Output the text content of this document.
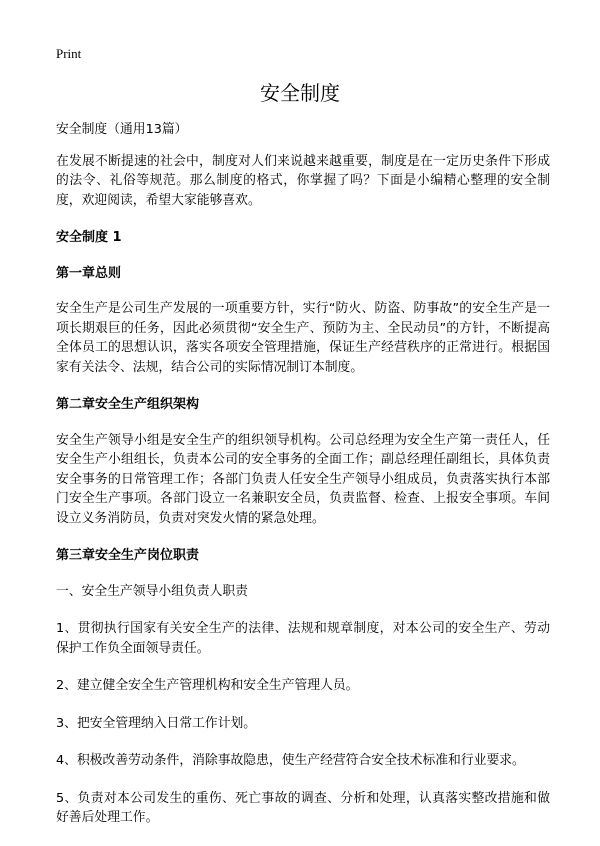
Print
安全制度

安全制度（通用13篇）

在发展不断提速的社会中，制度对人们来说越来越重要，制度是在一定历史条件下形成的法令、礼俗等规范。那么制度的格式，你掌握了吗？下面是小编精心整理的安全制度，欢迎阅读，希望大家能够喜欢。

安全制度 1
第一章总则

安全生产是公司生产发展的一项重要方针，实行“防火、防盗、防事故”的安全生产是一项长期艰巨的任务，因此必须贯彻“安全生产、预防为主、全民动员”的方针，不断提高全体员工的思想认识，落实各项安全管理措施，保证生产经营秩序的正常进行。根据国家有关法令、法规，结合公司的实际情况制订本制度。

第二章安全生产组织架构

安全生产领导小组是安全生产的组织领导机构。公司总经理为安全生产第一责任人，任安全生产小组组长，负责本公司的安全事务的全面工作；副总经理任副组长，具体负责安全事务的日常管理工作；各部门负责人任安全生产领导小组成员，负责落实执行本部门安全生产事项。各部门设立一名兼职安全员，负责监督、检查、上报安全事项。车间设立义务消防员，负责对突发火情的紧急处理。

第三章安全生产岗位职责

一、安全生产领导小组负责人职责

1、贯彻执行国家有关安全生产的法律、法规和规章制度，对本公司的安全生产、劳动保护工作负全面领导责任。

2、建立健全安全生产管理机构和安全生产管理人员。

3、把安全管理纳入日常工作计划。

4、积极改善劳动条件，消除事故隐患，使生产经营符合安全技术标准和行业要求。

5、负责对本公司发生的重伤、死亡事故的调查、分析和处理，认真落实整改措施和做好善后处理工作。
